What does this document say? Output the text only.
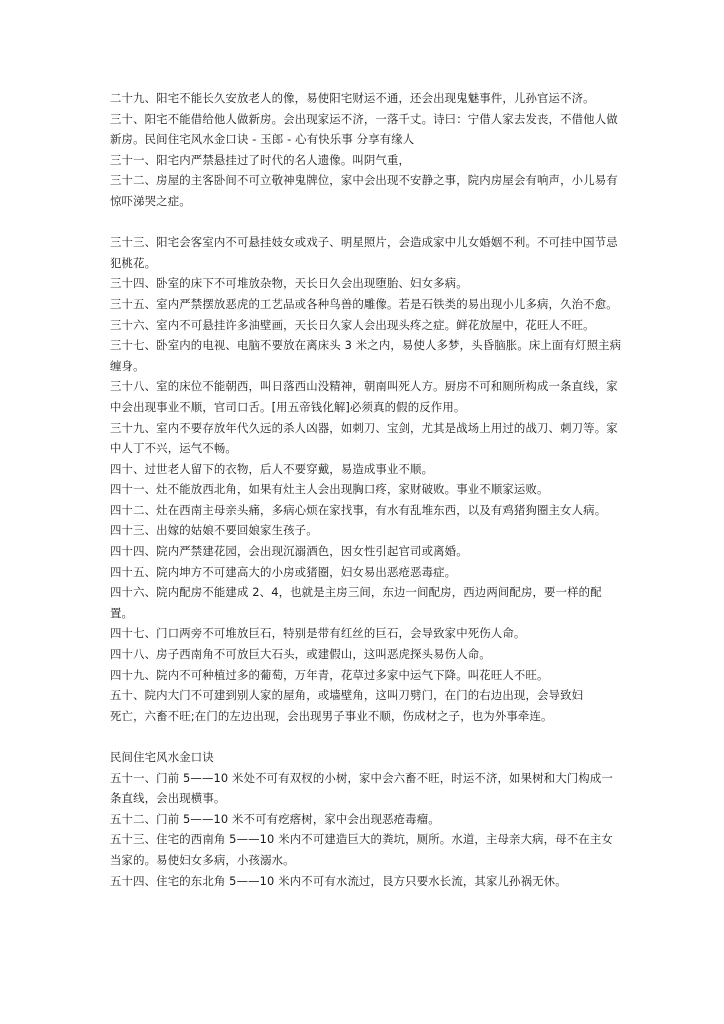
二十九、阳宅不能长久安放老人的像，易使阳宅财运不通，还会出现鬼魅事件，儿孙官运不济。

三十、阳宅不能借给他人做新房。会出现家运不济，一落千丈。诗曰：宁借人家去发丧，不借他人做新房。民间住宅风水金口诀 - 玉郎 - 心有快乐事 分享有缘人

三十一、阳宅内严禁悬挂过了时代的名人遗像。叫阴气重，

三十二、房屋的主客卧间不可立敬神鬼牌位，家中会出现不安静之事，院内房屋会有响声，小儿易有惊吓涕哭之症。

三十三、阳宅会客室内不可悬挂妓女或戏子、明星照片，会造成家中儿女婚姻不利。不可挂中国节忌犯桃花。

三十四、卧室的床下不可堆放杂物，天长日久会出现堕胎、妇女多病。

三十五、室内严禁摆放恶虎的工艺品或各种鸟兽的雕像。若是石铁类的易出现小儿多病，久治不愈。

三十六、室内不可悬挂许多油壁画，天长日久家人会出现头疼之症。鲜花放屋中，花旺人不旺。

三十七、卧室内的电视、电脑不要放在离床头 3 米之内，易使人多梦，头昏脑胀。床上面有灯照主病缠身。

三十八、室的床位不能朝西，叫日落西山没精神，朝南叫死人方。厨房不可和厕所构成一条直线，家中会出现事业不顺，官司口舌。[用五帝钱化解]必须真的假的反作用。

三十九、室内不要存放年代久远的杀人凶器，如刺刀、宝剑，尤其是战场上用过的战刀、刺刀等。家中人丁不兴，运气不畅。

四十、过世老人留下的衣物，后人不要穿戴，易造成事业不顺。

四十一、灶不能放西北角，如果有灶主人会出现胸口疼，家财破败。事业不顺家运败。

四十二、灶在西南主母亲头痛，多病心烦在家找事，有水有乱堆东西，以及有鸡猪狗圈主女人病。

四十三、出嫁的姑娘不要回娘家生孩子。

四十四、院内严禁建花园，会出现沉溺酒色，因女性引起官司或离婚。

四十五、院内坤方不可建高大的小房或猪圈，妇女易出恶疮恶毒症。

四十六、院内配房不能建成 2、4，也就是主房三间，东边一间配房，西边两间配房，要一样的配置。

四十七、门口两旁不可堆放巨石，特别是带有红丝的巨石，会导致家中死伤人命。

四十八、房子西南角不可放巨大石头，或建假山，这叫恶虎探头易伤人命。

四十九、院内不可种植过多的葡萄，万年青，花草过多家中运气下降。叫花旺人不旺。

五十、院内大门不可建到别人家的屋角，或墙壁角，这叫刀劈门，在门的右边出现，会导致妇

死亡，六畜不旺;在门的左边出现，会出现男子事业不顺，伤成材之子，也为外事牵连。

民间住宅风水金口诀

五十一、门前 5——10 米处不可有双杈的小树，家中会六畜不旺，时运不济，如果树和大门构成一条直线，会出现横事。

五十二、门前 5——10 米不可有疙瘩树，家中会出现恶疮毒瘤。

五十三、住宅的西南角 5——10 米内不可建造巨大的粪坑，厕所。水道，主母亲大病，母不在主女当家的。易使妇女多病，小孩溺水。

五十四、住宅的东北角 5——10 米内不可有水流过，艮方只要水长流，其家儿孙祸无休。
